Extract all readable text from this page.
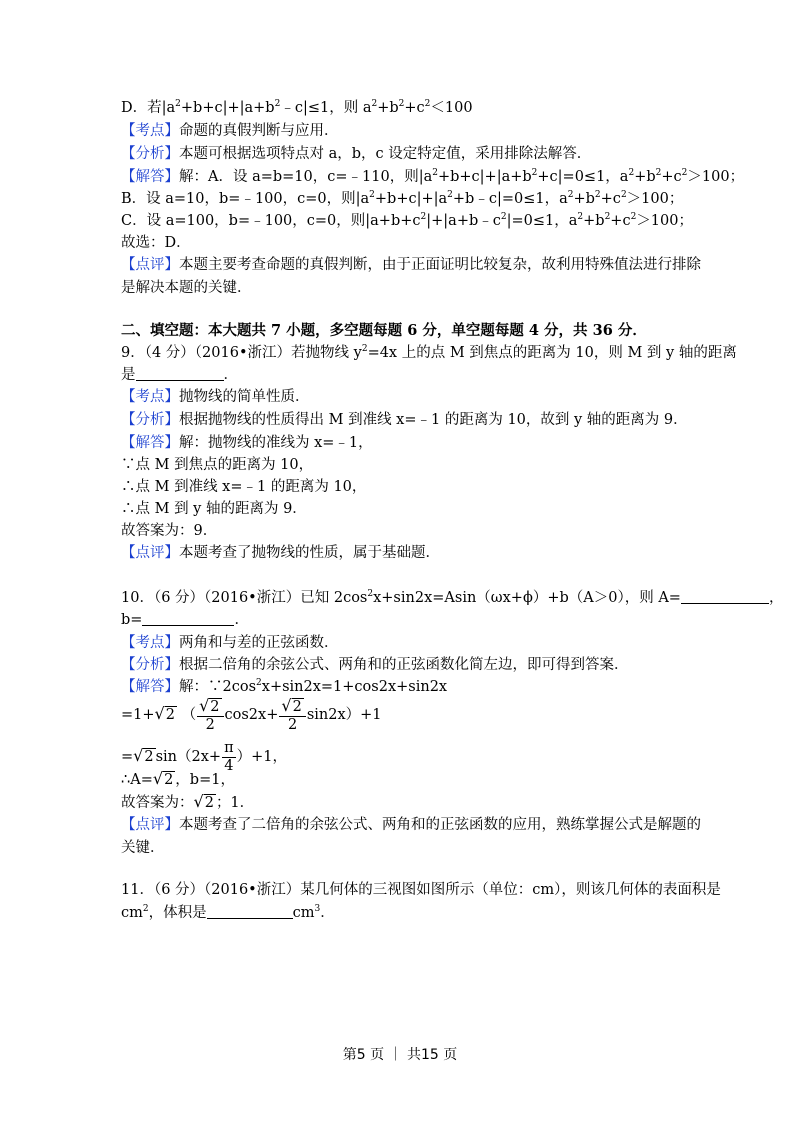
D．若$|a^2+b+c|+|a+b^2﹣c|\le 1$，则 $a^2+b^2+c^2<100$
【考点】命题的真假判断与应用．
【分析】本题可根据选项特点对 a，b，c 设定特定值，采用排除法解答．
【解答】解：A．设 a=b=10，c=﹣110，则$|a^2+b+c|+|a+b^2+c|=0\le 1$，$a^2+b^2+c^2>100$；
B．设 a=10，b=﹣100，c=0，则$|a^2+b+c|+|a^2+b﹣c|=0\le 1$，$a^2+b^2+c^2>100$；
C．设 a=100，b=﹣100，c=0，则$|a+b+c^2|+|a+b﹣c^2|=0\le 1$，$a^2+b^2+c^2>100$；
故选：D．
【点评】本题主要考查命题的真假判断，由于正面证明比较复杂，故利用特殊值法进行排除
是解决本题的关键．
二、填空题：本大题共 7 小题，多空题每题 6 分，单空题每题 4 分，共 36 分．
9．（4 分）（2016•浙江）若抛物线 $y^2=4x$ 上的点 M 到焦点的距离为 10，则 M 到 y 轴的距离
是	．
【考点】抛物线的简单性质．
【分析】根据抛物线的性质得出 M 到准线 x=﹣1 的距离为 10，故到 y 轴的距离为 9．
【解答】解：抛物线的准线为 x=﹣1，
∵点 M 到焦点的距离为 10，
∴点 M 到准线 x=﹣1 的距离为 10，
∴点 M 到 y 轴的距离为 9．
故答案为：9．
【点评】本题考查了抛物线的性质，属于基础题．
10．（6 分）（2016•浙江）已知 $2\cos^2x+\sin 2x=Asin(\omega x+\phi)+b(A>0)$，则 A=	，
b=	．
【考点】两角和与差的正弦函数．
【分析】根据二倍角的余弦公式、两角和的正弦函数化简左边，即可得到答案．
【解答】解：$\because 2\cos^2x+\sin 2x=1+\cos 2x+\sin 2x$
=1+√2 （ $\frac{√2}{2} \cos 2x+ \frac{√2}{2} \sin 2x)+1$
=√2 $\sin(2x+ \frac{\pi}{4} )+1$，
∴A=√2 ，b=1，
故答案为：√2 ；1．
【点评】本题考查了二倍角的余弦公式、两角和的正弦函数的应用，熟练掌握公式是解题的
关键．
11．（6 分）（2016•浙江）某几何体的三视图如图所示（单位：cm），则该几何体的表面积是
$cm^2$，体积是	$cm^3$．
第5 页 ｜ 共15 页
